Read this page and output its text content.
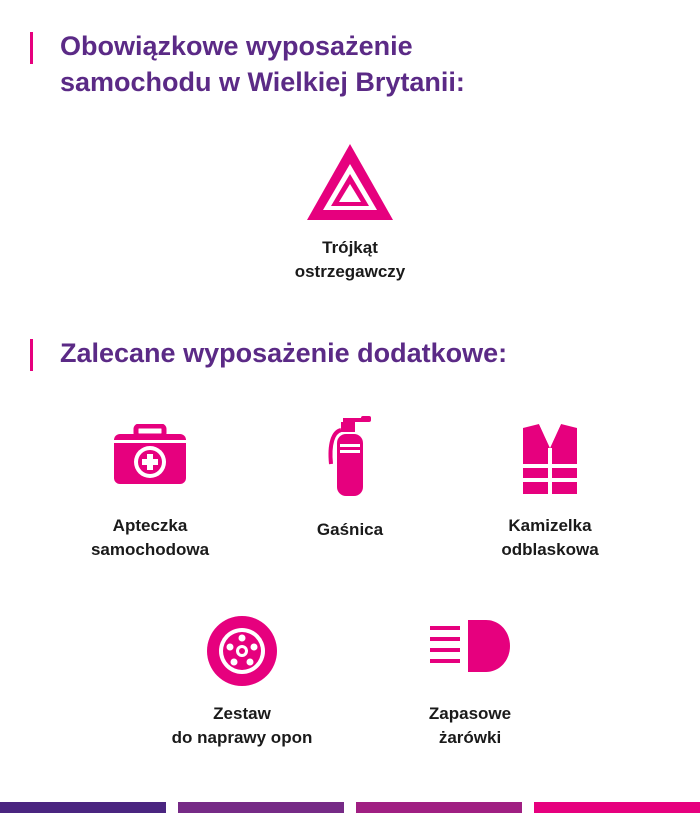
Obowiązkowe wyposażenie
samochodu w Wielkiej Brytanii:
Trójkąt
ostrzegawczy
Zalecane wyposażenie dodatkowe:
Apteczka
samochodowa
Gaśnica	Kamizelka
odblaskowa
Zestaw
do naprawy opon
Zapasowe
żarówki
